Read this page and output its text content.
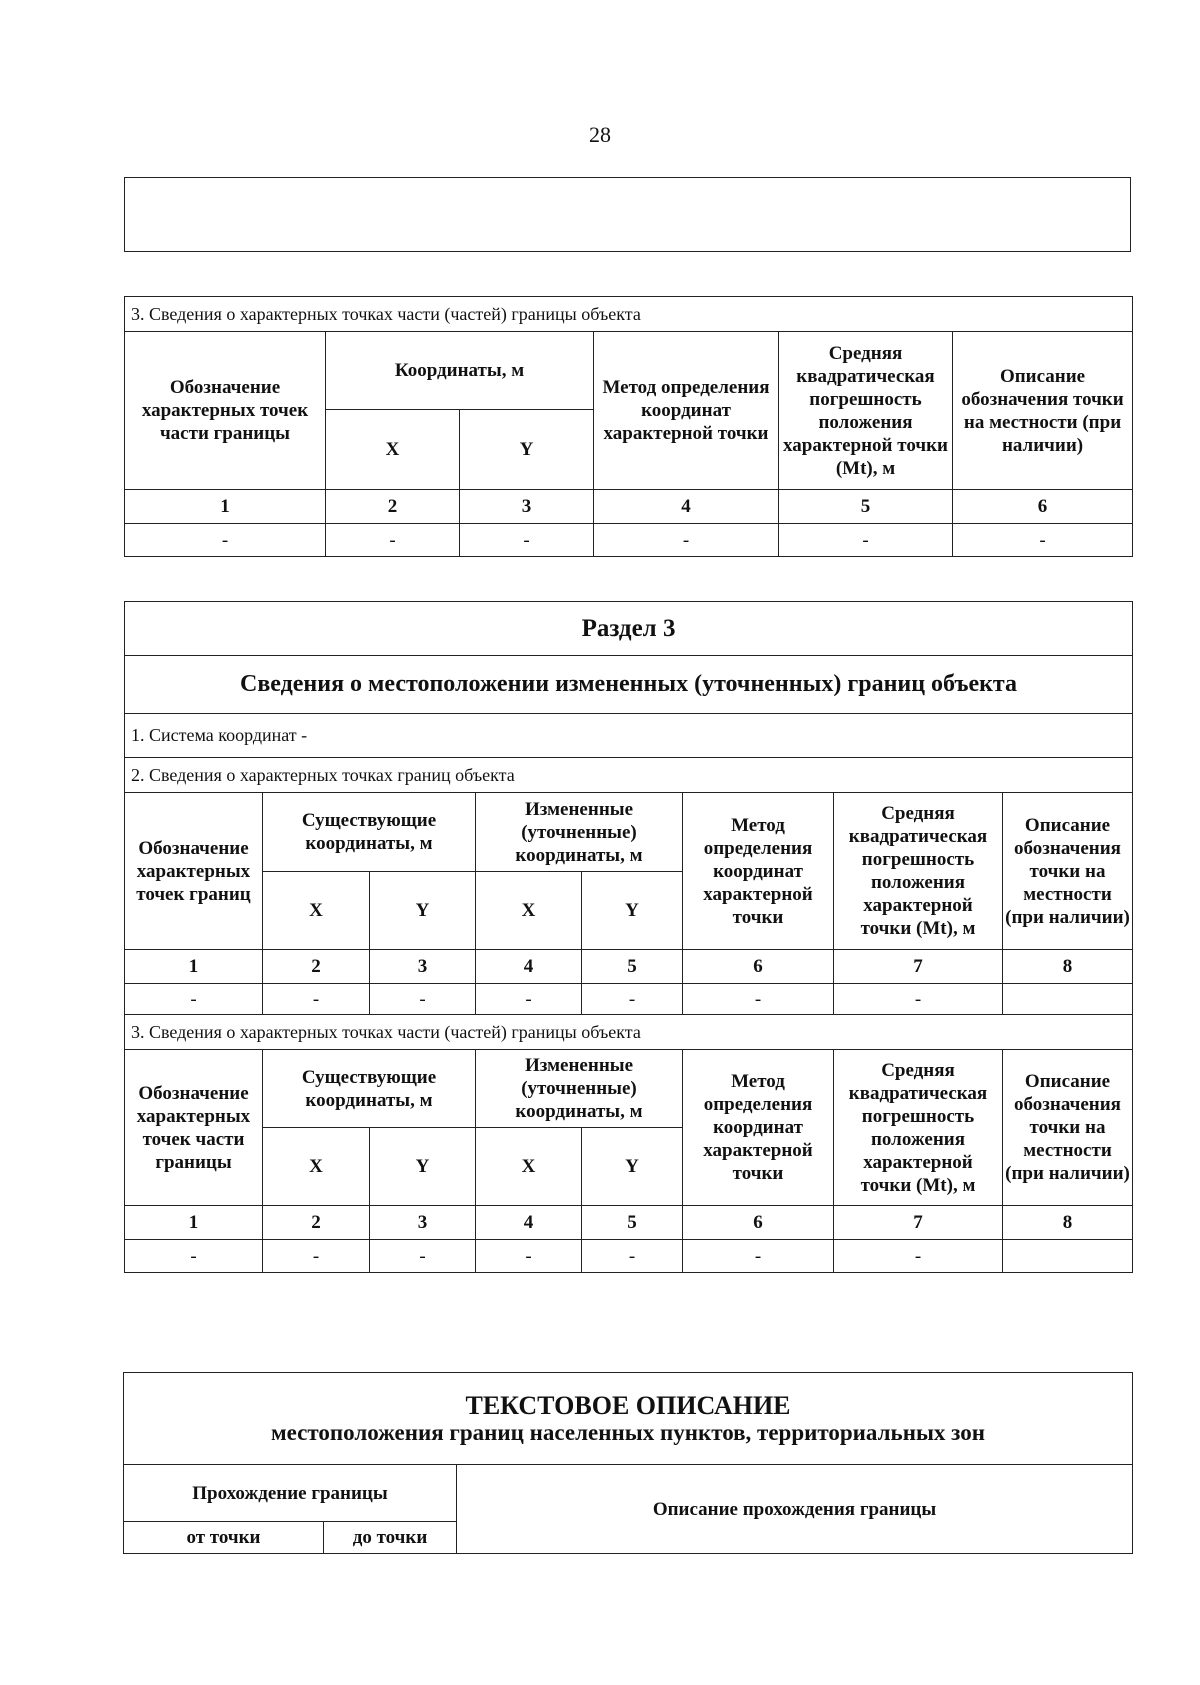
28
3. Сведения о характерных точках части (частей) границы объекта					
Обозначение характерных точек части границы	Координаты, м		Метод определения координат характерной точки	Средняя квадратическая погрешность положения характерной точки (Mt), м	Описание обозначения точки на местности (при наличии)
	X	Y			
1	2	3	4	5	6
-	-	-	-	-	-
Раздел 3							
Сведения о местоположении измененных (уточненных) границ объекта							
1. Система координат -							
2. Сведения о характерных точках границ объекта							
Обозначение характерных точек границ	Существующие координаты, м		Измененные (уточненные) координаты, м		Метод определения координат характерной точки	Средняя квадратическая погрешность положения характерной точки (Mt), м	Описание обозначения точки на местности (при наличии)
	X	Y	X	Y			
1	2	3	4	5	6	7	8
-	-	-	-	-	-	-	
3. Сведения о характерных точках части (частей) границы объекта							
Обозначение характерных точек части границы	Существующие координаты, м		Измененные (уточненные) координаты, м		Метод определения координат характерной точки	Средняя квадратическая погрешность положения характерной точки (Mt), м	Описание обозначения точки на местности (при наличии)
	X	Y	X	Y			
1	2	3	4	5	6	7	8
-	-	-	-	-	-	-	
ТЕКСТОВОЕ ОПИСАНИЕ
местоположения границ населенных пунктов, территориальных зон		

Прохождение границы		Описание прохождения границы
от точки	до точки	
